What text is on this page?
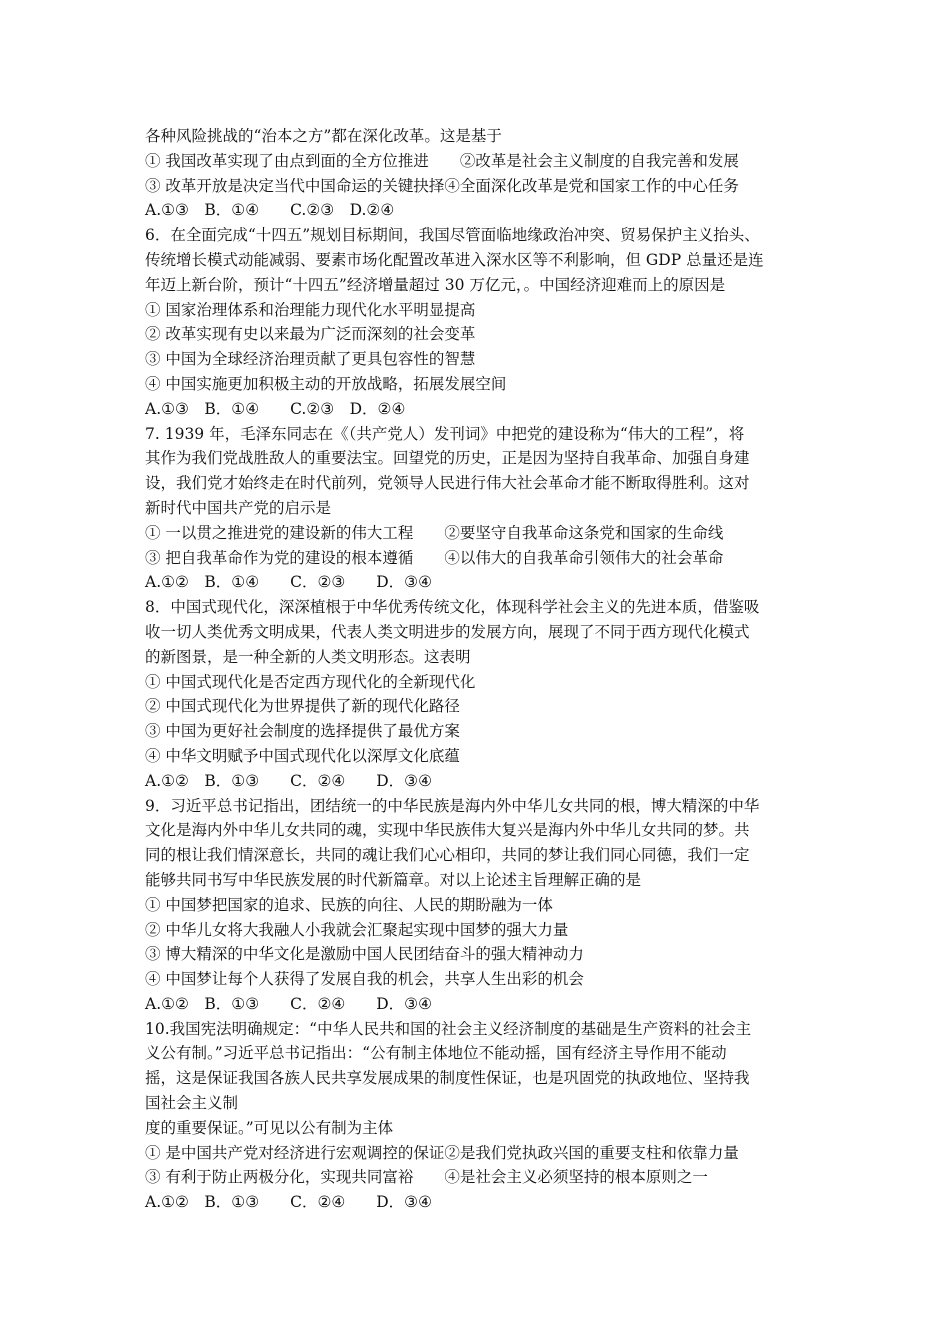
各种风险挑战的“治本之方”都在深化改革。这是基于
① 我国改革实现了由点到面的全方位推进　　②改革是社会主义制度的自我完善和发展
③ 改革开放是决定当代中国命运的关键抉择④全面深化改革是党和国家工作的中心任务
A.①③　B．①④　　C.②③　D.②④
6．在全面完成“十四五”规划目标期间，我国尽管面临地缘政治冲突、贸易保护主义抬头、
传统增长模式动能减弱、要素市场化配置改革进入深水区等不利影响，但 GDP 总量还是连
年迈上新台阶，预计“十四五”经济增量超过 30 万亿元，。中国经济迎难而上的原因是
① 国家治理体系和治理能力现代化水平明显提高
② 改革实现有史以来最为广泛而深刻的社会变革
③ 中国为全球经济治理贡献了更具包容性的智慧
④ 中国实施更加积极主动的开放战略，拓展发展空间
A.①③　B．①④　　C.②③　D．②④
7. 1939 年，毛泽东同志在《（共产党人）发刊词》中把党的建设称为“伟大的工程”，将
其作为我们党战胜敌人的重要法宝。回望党的历史，正是因为坚持自我革命、加强自身建
设，我们党才始终走在时代前列，党领导人民进行伟大社会革命才能不断取得胜利。这对
新时代中国共产党的启示是
① 一以贯之推进党的建设新的伟大工程　　②要坚守自我革命这条党和国家的生命线
③ 把自我革命作为党的建设的根本遵循　　④以伟大的自我革命引领伟大的社会革命
A.①②　B．①④　　C．②③　　D．③④
8．中国式现代化，深深植根于中华优秀传统文化，体现科学社会主义的先进本质，借鉴吸
收一切人类优秀文明成果，代表人类文明进步的发展方向，展现了不同于西方现代化模式
的新图景，是一种全新的人类文明形态。这表明
① 中国式现代化是否定西方现代化的全新现代化
② 中国式现代化为世界提供了新的现代化路径
③ 中国为更好社会制度的选择提供了最优方案
④ 中华文明赋予中国式现代化以深厚文化底蕴
A.①②　B．①③　　C．②④　　D．③④
9．习近平总书记指出，团结统一的中华民族是海内外中华儿女共同的根，博大精深的中华
文化是海内外中华儿女共同的魂，实现中华民族伟大复兴是海内外中华儿女共同的梦。共
同的根让我们情深意长，共同的魂让我们心心相印，共同的梦让我们同心同德，我们一定
能够共同书写中华民族发展的时代新篇章。对以上论述主旨理解正确的是
① 中国梦把国家的追求、民族的向往、人民的期盼融为一体
② 中华儿女将大我融人小我就会汇聚起实现中国梦的强大力量
③ 博大精深的中华文化是激励中国人民团结奋斗的强大精神动力
④ 中国梦让每个人获得了发展自我的机会，共享人生出彩的机会
A.①②　B．①③　　C．②④　　D．③④
10.我国宪法明确规定：“中华人民共和国的社会主义经济制度的基础是生产资料的社会主
义公有制。”习近平总书记指出：“公有制主体地位不能动摇，国有经济主导作用不能动
摇，这是保证我国各族人民共享发展成果的制度性保证，也是巩固党的执政地位、坚持我
国社会主义制
度的重要保证。”可见以公有制为主体
① 是中国共产党对经济进行宏观调控的保证②是我们党执政兴国的重要支柱和依靠力量
③ 有利于防止两极分化，实现共同富裕　　④是社会主义必须坚持的根本原则之一
A.①②　B．①③　　C．②④　　D．③④
